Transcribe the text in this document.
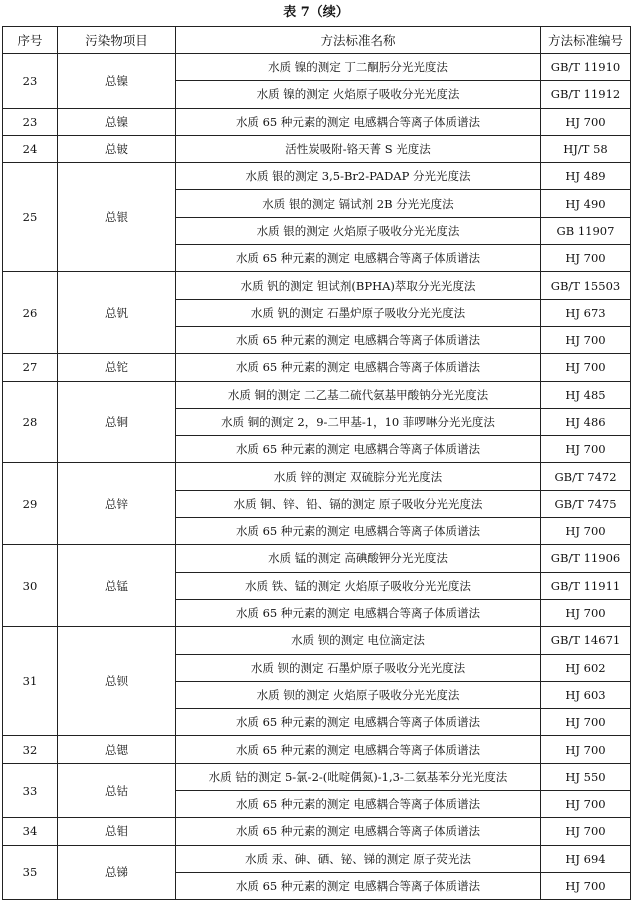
表 7（续）
序号	污染物项目	方法标准名称	方法标准编号
23	总镍	水质 镍的测定 丁二酮肟分光光度法	GB/T 11910
		水质 镍的测定 火焰原子吸收分光光度法	GB/T 11912
23	总镍	水质 65 种元素的测定 电感耦合等离子体质谱法	HJ 700
24	总铍	活性炭吸附-铬天菁 S 光度法	HJ/T 58
25	总银	水质 银的测定 3,5-Br2-PADAP 分光光度法	HJ 489
		水质 银的测定 镉试剂 2B 分光光度法	HJ 490
		水质 银的测定 火焰原子吸收分光光度法	GB 11907
		水质 65 种元素的测定 电感耦合等离子体质谱法	HJ 700
26	总钒	水质 钒的测定 钽试剂(BPHA)萃取分光光度法	GB/T 15503
		水质 钒的测定 石墨炉原子吸收分光光度法	HJ 673
		水质 65 种元素的测定 电感耦合等离子体质谱法	HJ 700
27	总铊	水质 65 种元素的测定 电感耦合等离子体质谱法	HJ 700
28	总铜	水质 铜的测定 二乙基二硫代氨基甲酸钠分光光度法	HJ 485
		水质 铜的测定 2，9-二甲基-1，10 菲啰啉分光光度法	HJ 486
		水质 65 种元素的测定 电感耦合等离子体质谱法	HJ 700
29	总锌	水质 锌的测定 双硫腙分光光度法	GB/T 7472
		水质 铜、锌、铅、镉的测定 原子吸收分光光度法	GB/T 7475
		水质 65 种元素的测定 电感耦合等离子体质谱法	HJ 700
30	总锰	水质 锰的测定 高碘酸钾分光光度法	GB/T 11906
		水质 铁、锰的测定 火焰原子吸收分光光度法	GB/T 11911
		水质 65 种元素的测定 电感耦合等离子体质谱法	HJ 700
31	总钡	水质 钡的测定 电位滴定法	GB/T 14671
		水质 钡的测定 石墨炉原子吸收分光光度法	HJ 602
		水质 钡的测定 火焰原子吸收分光光度法	HJ 603
		水质 65 种元素的测定 电感耦合等离子体质谱法	HJ 700
32	总锶	水质 65 种元素的测定 电感耦合等离子体质谱法	HJ 700
33	总钴	水质 钴的测定 5-氯-2-(吡啶偶氮)-1,3-二氨基苯分光光度法	HJ 550
		水质 65 种元素的测定 电感耦合等离子体质谱法	HJ 700
34	总钼	水质 65 种元素的测定 电感耦合等离子体质谱法	HJ 700
35	总锑	水质 汞、砷、硒、铋、锑的测定 原子荧光法	HJ 694
		水质 65 种元素的测定 电感耦合等离子体质谱法	HJ 700
